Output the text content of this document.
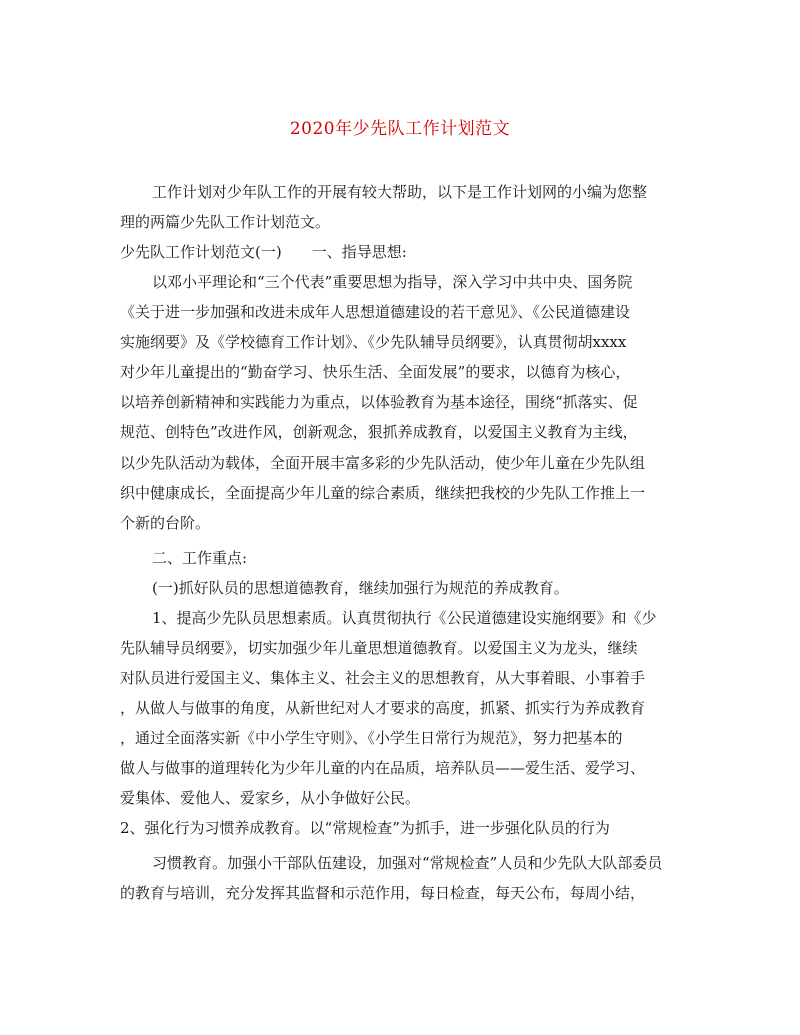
2020年少先队工作计划范文
工作计划对少年队工作的开展有较大帮助，以下是工作计划网的小编为您整
理的两篇少先队工作计划范文。
少先队工作计划范文(一)　　一、指导思想:
以邓小平理论和“三个代表”重要思想为指导，深入学习中共中央、国务院
《关于进一步加强和改进未成年人思想道德建设的若干意见》、《公民道德建设
实施纲要》及《学校德育工作计划》、《少先队辅导员纲要》，认真贯彻胡xxxx
对少年儿童提出的“勤奋学习、快乐生活、全面发展”的要求，以德育为核心，
以培养创新精神和实践能力为重点，以体验教育为基本途径，围绕“抓落实、促
规范、创特色”改进作风，创新观念，狠抓养成教育，以爱国主义教育为主线，
以少先队活动为载体，全面开展丰富多彩的少先队活动，使少年儿童在少先队组
织中健康成长，全面提高少年儿童的综合素质，继续把我校的少先队工作推上一
个新的台阶。
二、工作重点:
(一)抓好队员的思想道德教育，继续加强行为规范的养成教育。
1、提高少先队员思想素质。认真贯彻执行《公民道德建设实施纲要》和《少
先队辅导员纲要》，切实加强少年儿童思想道德教育。以爱国主义为龙头，继续
对队员进行爱国主义、集体主义、社会主义的思想教育，从大事着眼、小事着手
，从做人与做事的角度，从新世纪对人才要求的高度，抓紧、抓实行为养成教育
，通过全面落实新《中小学生守则》、《小学生日常行为规范》，努力把基本的
做人与做事的道理转化为少年儿童的内在品质，培养队员——爱生活、爱学习、
爱集体、爱他人、爱家乡，从小争做好公民。
2、强化行为习惯养成教育。以“常规检查”为抓手，进一步强化队员的行为
习惯教育。加强小干部队伍建设，加强对“常规检查”人员和少先队大队部委员
的教育与培训，充分发挥其监督和示范作用，每日检查，每天公布，每周小结，
